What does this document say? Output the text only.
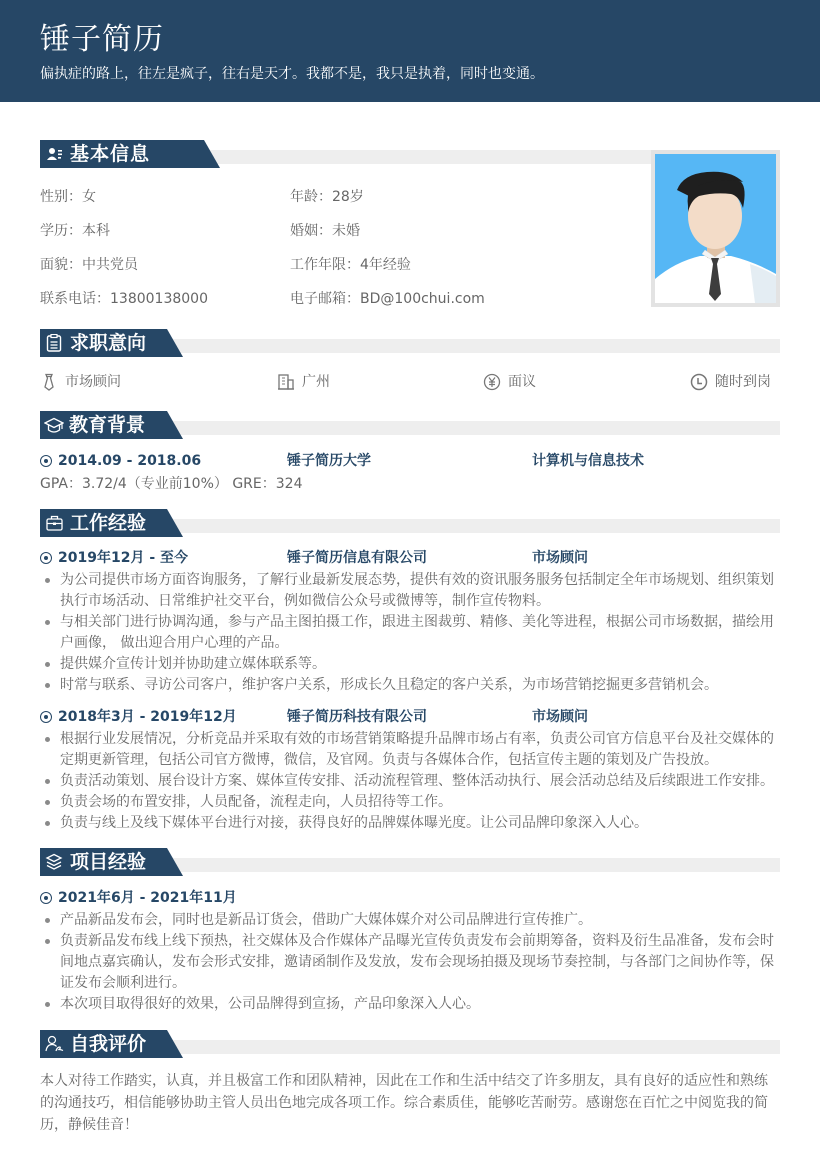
锤子简历
偏执症的路上，往左是疯子，往右是天才。我都不是，我只是执着，同时也变通。
基本信息
性别：女	年龄：28岁
学历：本科	婚姻：未婚
面貌：中共党员	工作年限：4年经验
联系电话：13800138000	电子邮箱：BD@100chui.com
求职意向
市场顾问	广州	面议	随时到岗
教育背景
2014.09 - 2018.06	锤子简历大学	计算机与信息技术
GPA：3.72/4（专业前10%） GRE：324
工作经验
2019年12月 - 至今	锤子简历信息有限公司	市场顾问
为公司提供市场方面咨询服务，了解行业最新发展态势，提供有效的资讯服务服务包括制定全年市场规划、组织策划执行市场活动、日常维护社交平台，例如微信公众号或微博等，制作宣传物料。
与相关部门进行协调沟通，参与产品主图拍摄工作，跟进主图裁剪、精修、美化等进程，根据公司市场数据，描绘用户画像， 做出迎合用户心理的产品。
提供媒介宣传计划并协助建立媒体联系等。
时常与联系、寻访公司客户，维护客户关系，形成长久且稳定的客户关系，为市场营销挖掘更多营销机会。
2018年3月 - 2019年12月	锤子简历科技有限公司	市场顾问
根据行业发展情况，分析竞品并采取有效的市场营销策略提升品牌市场占有率，负责公司官方信息平台及社交媒体的定期更新管理，包括公司官方微博，微信，及官网。负责与各媒体合作，包括宣传主题的策划及广告投放。
负责活动策划、展台设计方案、媒体宣传安排、活动流程管理、整体活动执行、展会活动总结及后续跟进工作安排。
负责会场的布置安排，人员配备，流程走向，人员招待等工作。
负责与线上及线下媒体平台进行对接，获得良好的品牌媒体曝光度。让公司品牌印象深入人心。
项目经验
2021年6月 - 2021年11月
产品新品发布会，同时也是新品订货会，借助广大媒体媒介对公司品牌进行宣传推广。
负责新品发布线上线下预热，社交媒体及合作媒体产品曝光宣传负责发布会前期筹备，资料及衍生品准备，发布会时间地点嘉宾确认，发布会形式安排，邀请函制作及发放，发布会现场拍摄及现场节奏控制，与各部门之间协作等，保证发布会顺利进行。
本次项目取得很好的效果，公司品牌得到宣扬，产品印象深入人心。
自我评价
本人对待工作踏实，认真，并且极富工作和团队精神，因此在工作和生活中结交了许多朋友，具有良好的适应性和熟练的沟通技巧，相信能够协助主管人员出色地完成各项工作。综合素质佳，能够吃苦耐劳。感谢您在百忙之中阅览我的简历，静候佳音！
